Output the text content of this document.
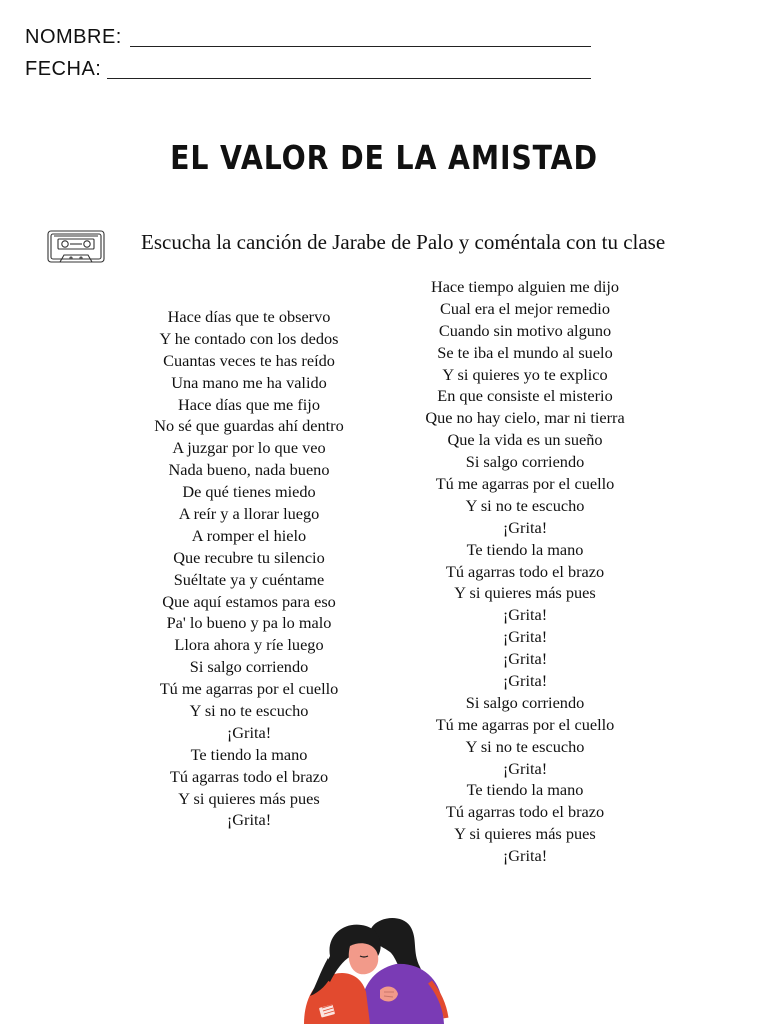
NOMBRE:
FECHA:
EL VALOR DE LA AMISTAD
Escucha la canción de Jarabe de Palo y coméntala con tu clase
Hace días que te observo
Y he contado con los dedos
Cuantas veces te has reído
Una mano me ha valido
Hace días que me fijo
No sé que guardas ahí dentro
A juzgar por lo que veo
Nada bueno, nada bueno
De qué tienes miedo
A reír y a llorar luego
A romper el hielo
Que recubre tu silencio
Suéltate ya y cuéntame
Que aquí estamos para eso
Pa' lo bueno y pa lo malo
Llora ahora y ríe luego
Si salgo corriendo
Tú me agarras por el cuello
Y si no te escucho
¡Grita!
Te tiendo la mano
Tú agarras todo el brazo
Y si quieres más pues
¡Grita!
Hace tiempo alguien me dijo
Cual era el mejor remedio
Cuando sin motivo alguno
Se te iba el mundo al suelo
Y si quieres yo te explico
En que consiste el misterio
Que no hay cielo, mar ni tierra
Que la vida es un sueño
Si salgo corriendo
Tú me agarras por el cuello
Y si no te escucho
¡Grita!
Te tiendo la mano
Tú agarras todo el brazo
Y si quieres más pues
¡Grita!
¡Grita!
¡Grita!
¡Grita!
Si salgo corriendo
Tú me agarras por el cuello
Y si no te escucho
¡Grita!
Te tiendo la mano
Tú agarras todo el brazo
Y si quieres más pues
¡Grita!
